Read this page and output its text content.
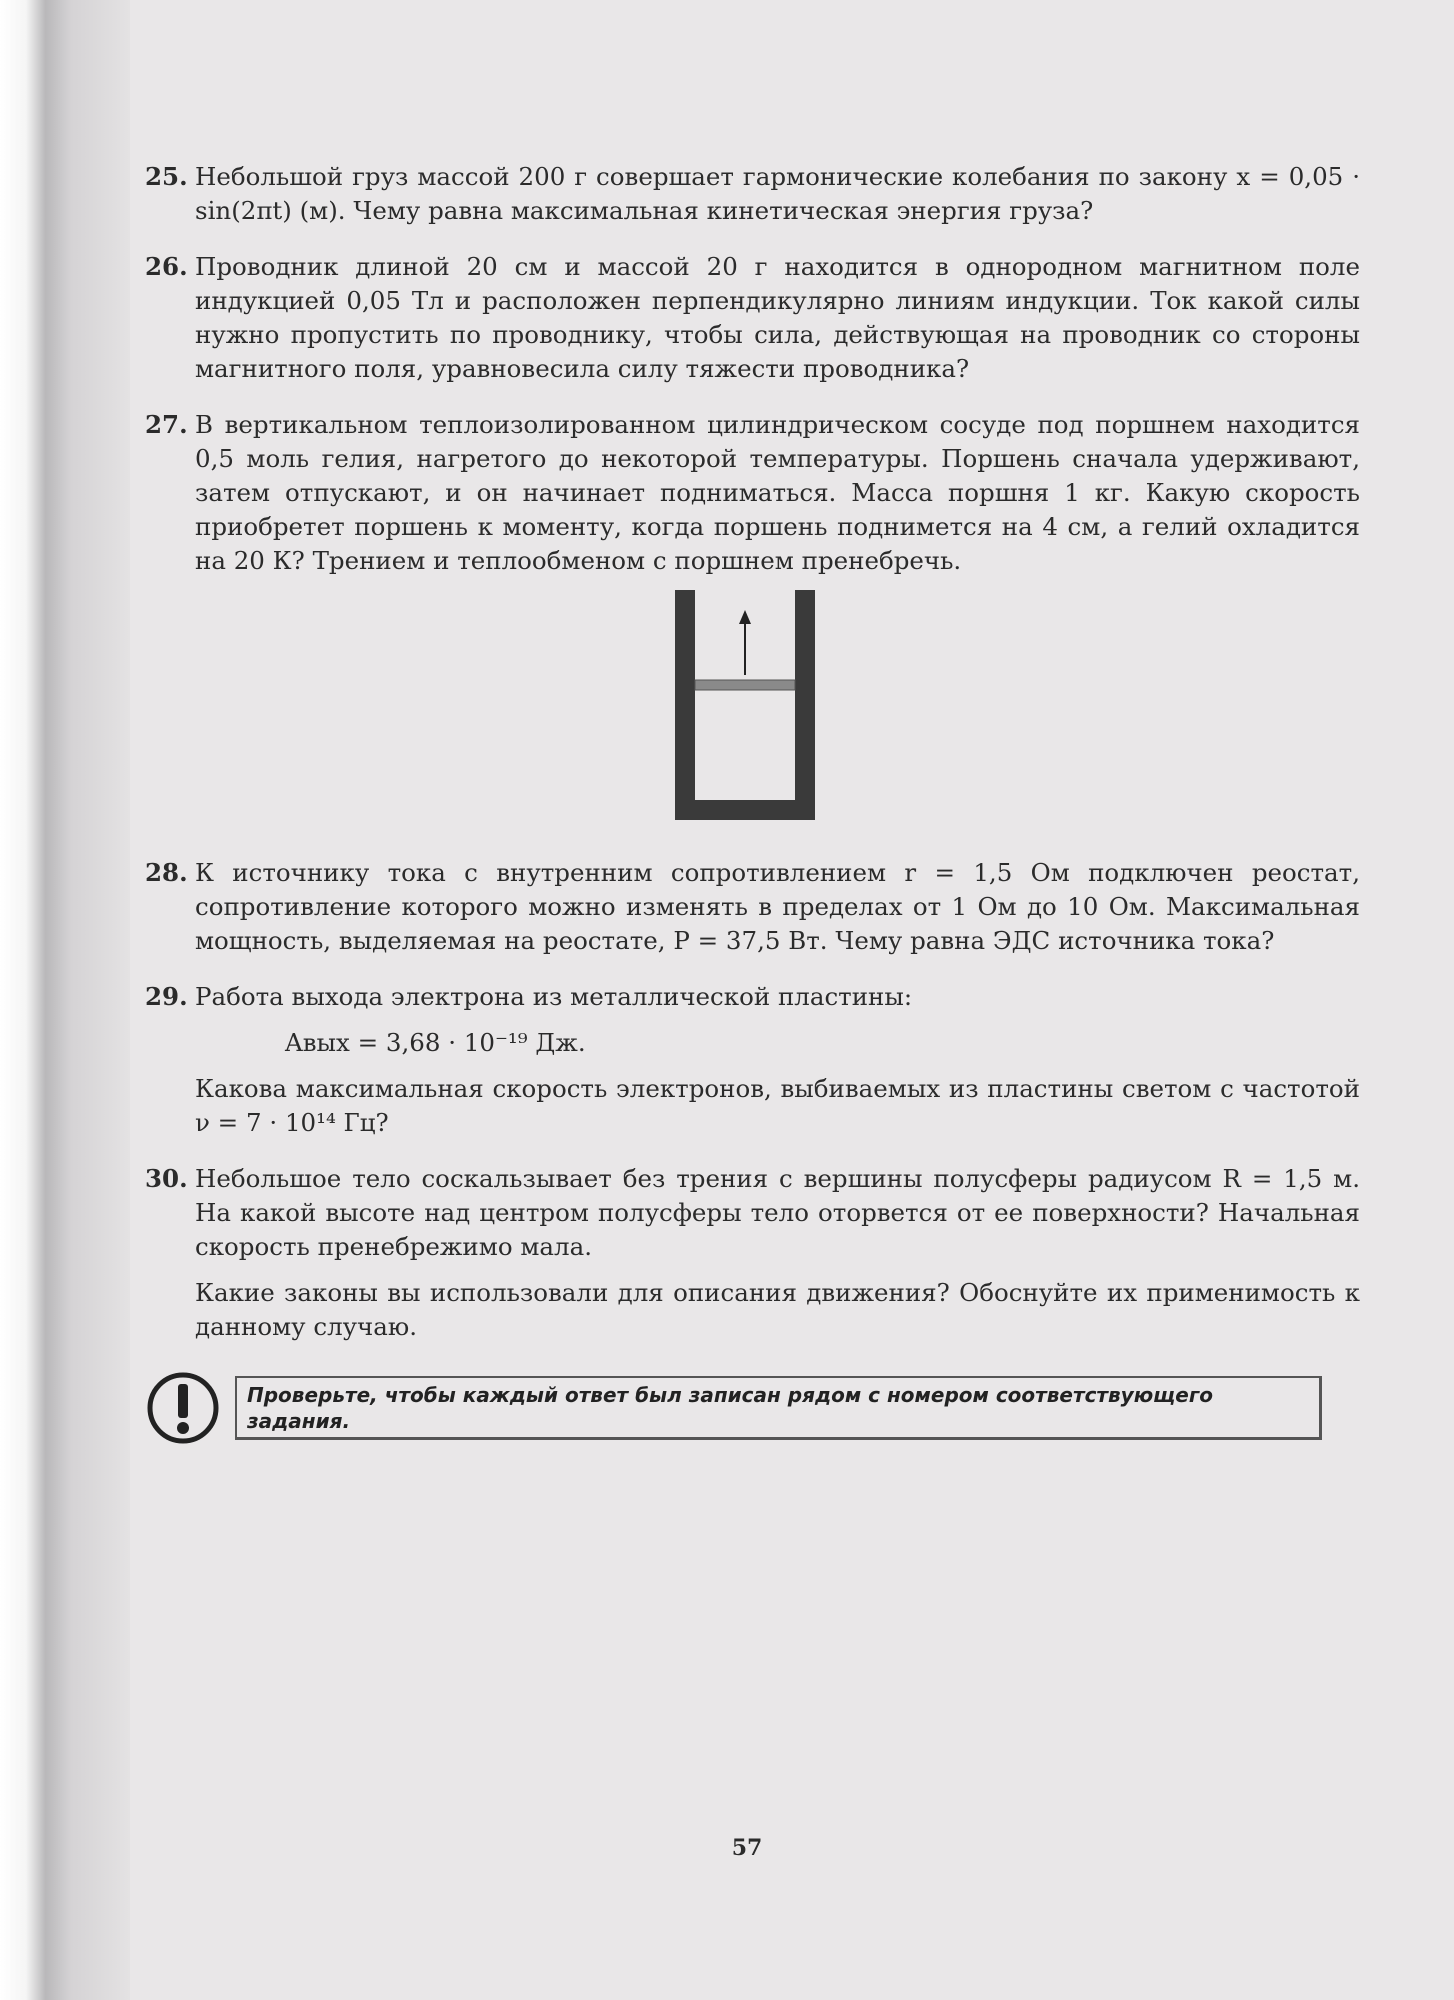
25. Небольшой груз массой 200 г совершает гармонические колебания по закону x = 0,05 · sin(2πt) (м). Чему равна максимальная кинетическая энергия груза?

26. Проводник длиной 20 см и массой 20 г находится в однородном магнитном поле индукцией 0,05 Тл и расположен перпендикулярно линиям индукции. Ток какой силы нужно пропустить по проводнику, чтобы сила, действующая на проводник со стороны магнитного поля, уравновесила силу тяжести проводника?

27. В вертикальном теплоизолированном цилиндрическом сосуде под поршнем находится 0,5 моль гелия, нагретого до некоторой температуры. Поршень сначала удерживают, затем отпускают, и он начинает подниматься. Масса поршня 1 кг. Какую скорость приобретет поршень к моменту, когда поршень поднимется на 4 см, а гелий охладится на 20 К? Трением и теплообменом с поршнем пренебречь.

28. К источнику тока с внутренним сопротивлением r = 1,5 Ом подключен реостат, сопротивление которого можно изменять в пределах от 1 Ом до 10 Ом. Максимальная мощность, выделяемая на реостате, P = 37,5 Вт. Чему равна ЭДС источника тока?

29. Работа выхода электрона из металлической пластины:

Aвых = 3,68 · 10⁻¹⁹ Дж.

Какова максимальная скорость электронов, выбиваемых из пластины светом с частотой ν = 7 · 10¹⁴ Гц?

30. Небольшое тело соскальзывает без трения с вершины полусферы радиусом R = 1,5 м. На какой высоте над центром полусферы тело оторвется от ее поверхности? Начальная скорость пренебрежимо мала.

Какие законы вы использовали для описания движения? Обоснуйте их применимость к данному случаю.

Проверьте, чтобы каждый ответ был записан рядом с номером соответствующего задания.
57
